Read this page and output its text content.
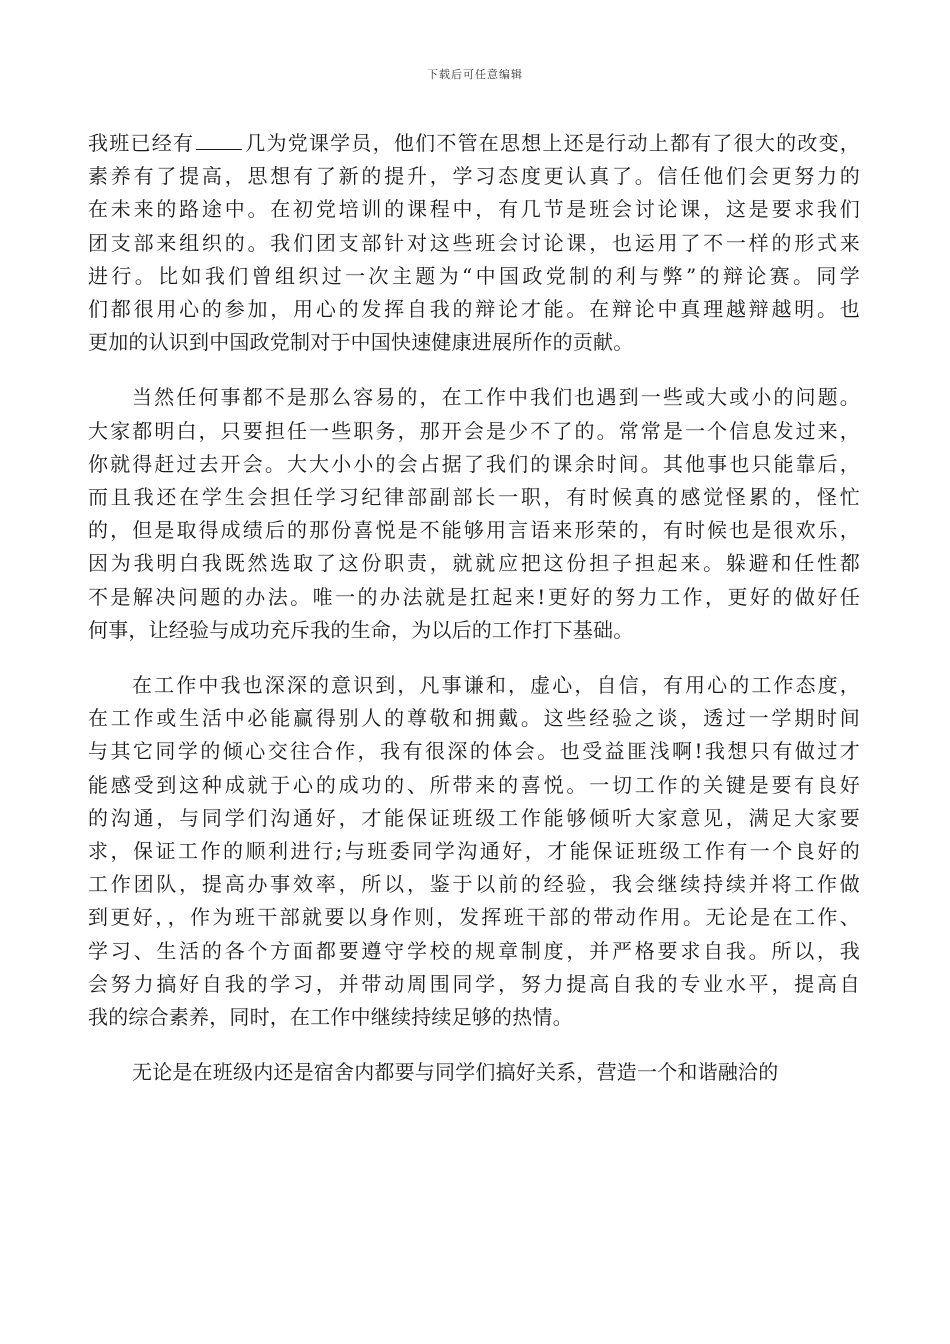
下载后可任意编辑
我班已经有	几为党课学员，他们不管在思想上还是行动上都有了很大的改变，
素养有了提高，思想有了新的提升，学习态度更认真了。信任他们会更努力的
在未来的路途中。在初党培训的课程中，有几节是班会讨论课，这是要求我们
团支部来组织的。我们团支部针对这些班会讨论课，也运用了不一样的形式来
进行。比如我们曾组织过一次主题为“中国政党制的利与弊”的辩论赛。同学
们都很用心的参加，用心的发挥自我的辩论才能。在辩论中真理越辩越明。也
更加的认识到中国政党制对于中国快速健康进展所作的贡献。
当然任何事都不是那么容易的，在工作中我们也遇到一些或大或小的问题。
大家都明白，只要担任一些职务，那开会是少不了的。常常是一个信息发过来，
你就得赶过去开会。大大小小的会占据了我们的课余时间。其他事也只能靠后，
而且我还在学生会担任学习纪律部副部长一职，有时候真的感觉怪累的，怪忙
的，但是取得成绩后的那份喜悦是不能够用言语来形荣的，有时候也是很欢乐，
因为我明白我既然选取了这份职责，就就应把这份担子担起来。躲避和任性都
不是解决问题的办法。唯一的办法就是扛起来!更好的努力工作，更好的做好任
何事，让经验与成功充斥我的生命，为以后的工作打下基础。
在工作中我也深深的意识到，凡事谦和，虚心，自信，有用心的工作态度，
在工作或生活中必能赢得别人的尊敬和拥戴。这些经验之谈，透过一学期时间
与其它同学的倾心交往合作，我有很深的体会。也受益匪浅啊!我想只有做过才
能感受到这种成就于心的成功的、所带来的喜悦。一切工作的关键是要有良好
的沟通，与同学们沟通好，才能保证班级工作能够倾听大家意见，满足大家要
求，保证工作的顺利进行;与班委同学沟通好，才能保证班级工作有一个良好的
工作团队，提高办事效率，所以，鉴于以前的经验，我会继续持续并将工作做
到更好，，作为班干部就要以身作则，发挥班干部的带动作用。无论是在工作、
学习、生活的各个方面都要遵守学校的规章制度，并严格要求自我。所以，我
会努力搞好自我的学习，并带动周围同学，努力提高自我的专业水平，提高自
我的综合素养，同时，在工作中继续持续足够的热情。
无论是在班级内还是宿舍内都要与同学们搞好关系，营造一个和谐融洽的
